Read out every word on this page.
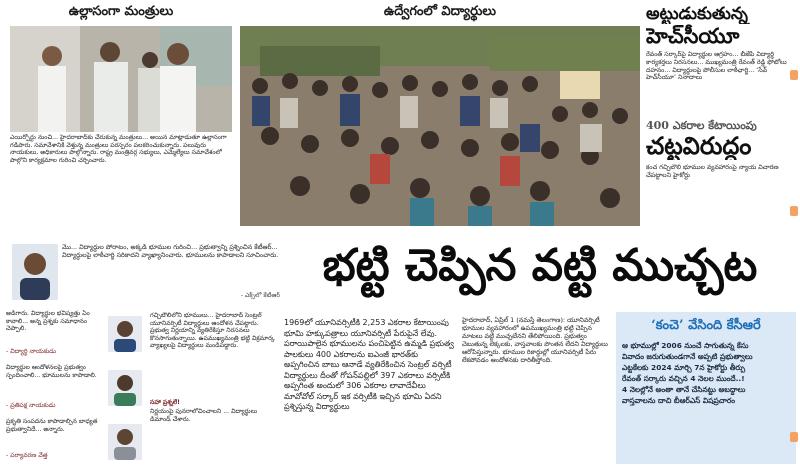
ఉల్లాసంగా మంత్రులు
ఎయిర్పోర్టు నుంచి... హైదరాబాద్‌కు చేరుకున్న మంత్రులు... అయిన మాట్లాడుతూ ఉల్లాసంగా గడిపారు. సమావేశానికి వెళ్తున్న మంత్రులు పరస్పరం పలకరించుకున్నారు. పలువురు నాయకులు, అధికారులు పాల్గొన్నారు. రాష్ట్ర మంత్రివర్గ సభ్యులు, ఎమ్మెల్యేలు సమావేశంలో పాల్గొని కార్యక్రమాల గురించి చర్చించారు.
ఉద్వేగంలో విద్యార్థులు	అట్టుడుకుతున్న
హెచ్‌సీయూ
రేవంత్ సర్కార్‌పై విద్యార్థుల ఆగ్రహం... బీజేపీ విద్యార్థి కార్యకర్తలు నిరసనలు... ముఖ్యమంత్రి రేవంత్ రెడ్డి ఫోటోలు దహనం... విద్యార్థులపై పోలీసుల లాఠీఛార్జి... ‘సేవ్ హెచ్‌సీయూ’ నినాదాలు
400 ఎకరాల కేటాయింపు
చట్టవిరుద్ధం
కంచ గచ్చిబౌలి భూముల వ్యవహారంపై న్యాయ విచారణ చేపట్టాలని హైకోర్టు
మొ... విద్యార్థుల పోరాటం, అక్కడి భూముల గురించి... ప్రభుత్వాన్ని ప్రశ్నించిన కేటీఆర్... విద్యార్థులపై లాఠీచార్జి సరికాదని వ్యాఖ్యానించారు. భూములను కాపాడాలని సూచించారు.
- ఎక్స్‌లో కేటీఆర్
భట్టి చెప్పిన వట్టి ముచ్చట
అడిగారు. విద్యార్థుల భవిష్యత్తు ఏం కావాలి... అన్న ప్రశ్నకు సమాధానం చెప్పాలి.
- విద్యార్థి నాయకుడు
విద్యార్థుల ఆందోళనలపై ప్రభుత్వం స్పందించాలి... భూములను కాపాడాలి.
- ప్రతిపక్ష నాయకుడు
ప్రకృతి సంపదను కాపాడాల్సిన బాధ్యత ప్రభుత్వానిదే... అన్నారు.
- పర్యావరణ వేత్త
గచ్చిబౌలిలోని భూములు... హైదరాబాద్ సెంట్రల్ యూనివర్సిటీ విద్యార్థులు ఆందోళన చేపట్టారు. ప్రభుత్వ నిర్ణయాన్ని వ్యతిరేకిస్తూ నిరసనలు కొనసాగుతున్నాయి. ఉపముఖ్యమంత్రి భట్టి విక్రమార్క వ్యాఖ్యలపై విద్యార్థులు మండిపడ్డారు.
సహా ప్రశ్నలే!
నిర్ణయంపై పునరాలోచించాలని ... విద్యార్థులు డిమాండ్ చేశారు.
1969లో యూనివర్సిటీకి 2,253 ఎకరాల కేటాయింపు భూమి హక్కుపత్రాలు యూనివర్సిటీ పేరుపైనే లేవు. పరాయిపాలైన భూములను పంచిపెట్టిన ఉమ్మడి ప్రభుత్వ పాలకులు 400 ఎకరాలను ఐఎంజీ భారత్‌కు అప్పగించిన బాబు ఆనాడే వ్యతిరేకించిన సెంట్రల్ వర్సిటీ విద్యార్థులు దీంతో గోపన్‌పల్లిలో 397 ఎకరాలు వర్సిటీకి అప్పగింత అందులో 306 ఎకరాల లావాదేవీలు మావోవోల్ సర్కార్ ఇక వర్సిటీకి ఇచ్చిన భూమి ఏదని ప్రశ్నిస్తున్న విద్యార్థులు
హైదరాబాద్, ఏప్రిల్ 1 (నమస్తే తెలంగాణ): యూనివర్సిటీ భూముల వ్యవహారంలో ఉపముఖ్యమంత్రి భట్టి చెప్పిన మాటలు వట్టి ముచ్చటేనని తేలిపోయింది. ప్రభుత్వం చెబుతున్న లెక్కలకు, వాస్తవాలకు పొంతన లేదని విద్యార్థులు ఆరోపిస్తున్నారు. భూముల రికార్డుల్లో యూనివర్సిటీ పేరు లేకపోవడం ఆందోళనకు దారితీస్తోంది.
‘కంచె’ వేసింది కేసీఆరే
ఆ భూముల్లో 2006 నుంచే సాగుతున్న కేసు
వివాదం జరుగుతుండగానే అప్పటి ప్రభుత్వాలు
ఎట్టకేలకు 2024 మార్చి 7న హైకోర్టు తీర్పు
రేవంత్ సర్కారు వచ్చిన 4 నెలల ముందే..!
4 నెలల్లోనే అంతా తానే చేసినట్టు అబద్ధాలు
వాస్తవాలను దాచి బీఆర్‌ఎస్ విషప్రచారం
